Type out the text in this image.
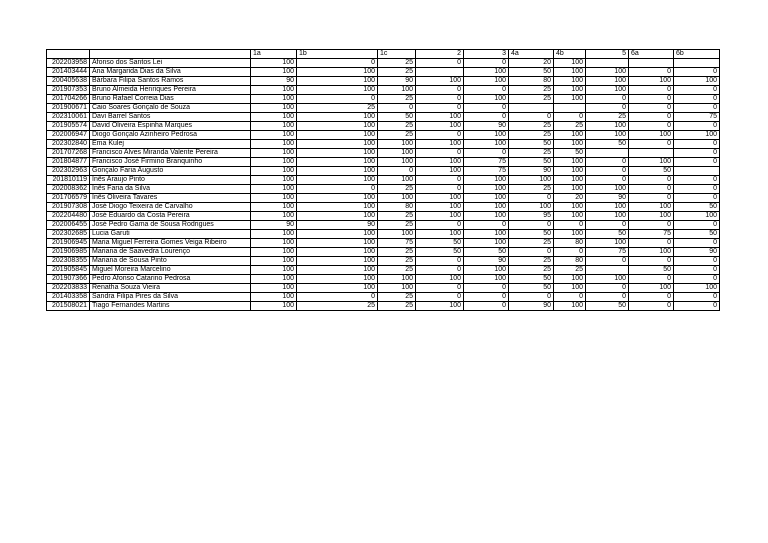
		1a	1b	1c	2	3	4a	4b	5	6a	6b
202203958	Afonso dos Santos Lei	100	0	25	0	0	20	100			
201403444	Ana Margarida Dias da Silva	100	100	25		100	50	100	100	0	0
200405638	Bárbara Filipa Santos Ramos	90	100	90	100	100	80	100	100	100	100
201907353	Bruno Almeida Henriques Pereira	100	100	100	0	0	25	100	100	0	0
201704266	Bruno Rafael Correia Dias	100	0	25	0	100	25	100	0	0	0
201900671	Caio Soares Gonçalo de Souza	100	25	0	0	0			0	0	0
202310061	Davi Barrel Santos	100	100	50	100	0	0	0	25	0	75
201905574	David Oliveira Espinha Marques	100	100	25	100	90	25	25	100	0	0
202006947	Diogo Gonçalo Azinheiro Pedrosa	100	100	25	0	100	25	100	100	100	100
202302840	Ema Kulej	100	100	100	100	100	50	100	50	0	0
201707268	Francisco Alves Miranda Valente Pereira	100	100	100	0	0	25	50			0
201804877	Francisco José Firmino Branquinho	100	100	100	100	75	50	100	0	100	0
202302963	Gonçalo Faria Augusto	100	100	0	100	75	90	100	0	50	
201810119	Inês Araujo Pinto	100	100	100	0	100	100	100	0	0	0
202008362	Inês Faria da Silva	100	0	25	0	100	25	100	100	0	0
201706579	Inês Oliveira Tavares	100	100	100	100	100	0	20	90	0	0
201907308	José Diogo Teixeira de Carvalho	100	100	80	100	100	100	100	100	100	50
202204480	José Eduardo da Costa Pereira	100	100	25	100	100	95	100	100	100	100
202006455	José Pedro Gama de Sousa Rodrigues	90	90	25	0	0	0	0	0	0	0
202302685	Lucia Garuti	100	100	100	100	100	50	100	50	75	50
201906945	Maria Miguel Ferreira Gomes Veiga Ribeiro	100	100	75	50	100	25	80	100	0	0
201906985	Mariana de Saavedra Lourenço	100	100	25	50	50	0	0	75	100	90
202308355	Mariana de Sousa Pinto	100	100	25	0	90	25	80	0	0	0
201905845	Miguel Moreira Marcelino	100	100	25	0	100	25	25		50	0
201907366	Pedro Afonso Catarino Pedrosa	100	100	100	100	100	50	100	100	0	0
202203833	Renatha Souza Vieira	100	100	100	0	0	50	100	0	100	100
201403358	Sandra Filipa Pires da Silva	100	0	25	0	0	0	0	0	0	0
201508021	Tiago Fernandes Martins	100	25	25	100	0	90	100	50	0	0
